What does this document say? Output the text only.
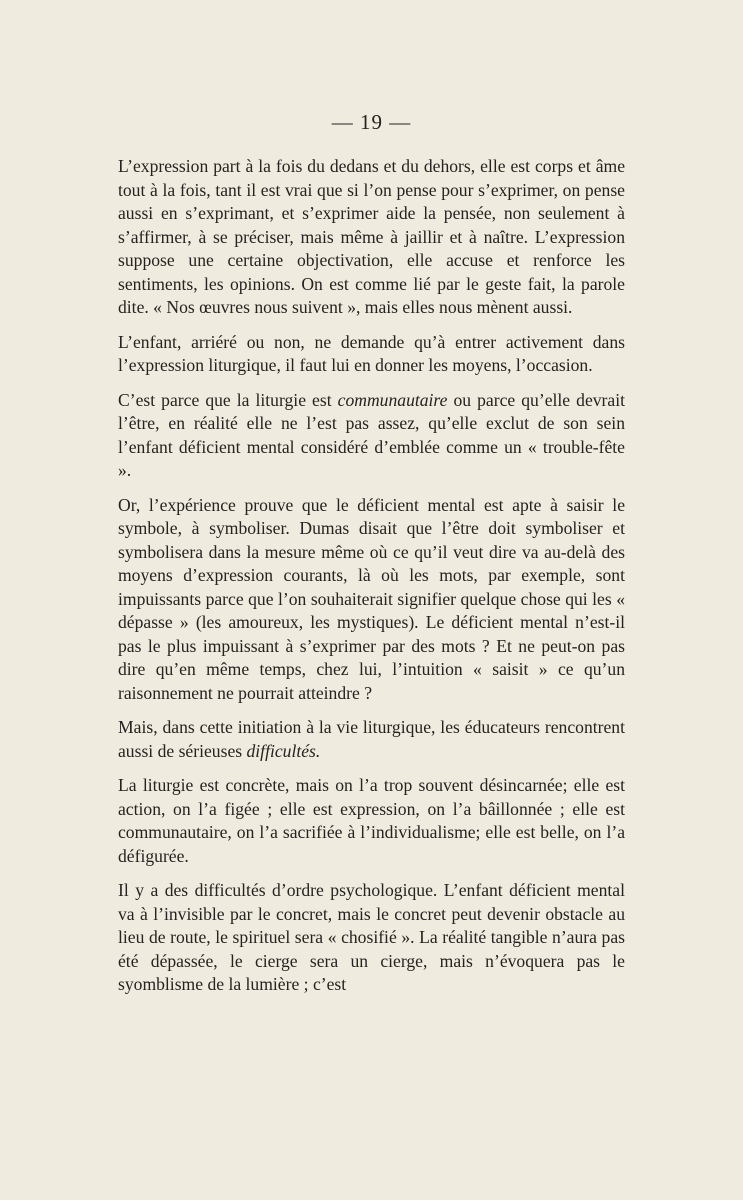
— 19 —

L’expression part à la fois du dedans et du dehors, elle est corps et âme tout à la fois, tant il est vrai que si l’on pense pour s’exprimer, on pense aussi en s’exprimant, et s’exprimer aide la pensée, non seulement à s’affirmer, à se préciser, mais même à jaillir et à naître. L’expression suppose une certaine objectivation, elle accuse et renforce les sentiments, les opinions. On est comme lié par le geste fait, la parole dite. « Nos œuvres nous suivent », mais elles nous mènent aussi.

L’enfant, arriéré ou non, ne demande qu’à entrer activement dans l’expression liturgique, il faut lui en donner les moyens, l’occasion.

C’est parce que la liturgie est communautaire ou parce qu’elle devrait l’être, en réalité elle ne l’est pas assez, qu’elle exclut de son sein l’enfant déficient mental considéré d’emblée comme un « trouble-fête ».

Or, l’expérience prouve que le déficient mental est apte à saisir le symbole, à symboliser. Dumas disait que l’être doit symboliser et symbolisera dans la mesure même où ce qu’il veut dire va au-delà des moyens d’expression courants, là où les mots, par exemple, sont impuissants parce que l’on souhaiterait signifier quelque chose qui les « dépasse » (les amoureux, les mystiques). Le déficient mental n’est-il pas le plus impuissant à s’exprimer par des mots ? Et ne peut-on pas dire qu’en même temps, chez lui, l’intuition « saisit » ce qu’un raisonnement ne pourrait atteindre ?

Mais, dans cette initiation à la vie liturgique, les éducateurs rencontrent aussi de sérieuses difficultés.

La liturgie est concrète, mais on l’a trop souvent désincarnée; elle est action, on l’a figée ; elle est expression, on l’a bâillonnée ; elle est communautaire, on l’a sacrifiée à l’individualisme; elle est belle, on l’a défigurée.

Il y a des difficultés d’ordre psychologique. L’enfant déficient mental va à l’invisible par le concret, mais le concret peut devenir obstacle au lieu de route, le spirituel sera « chosifié ». La réalité tangible n’aura pas été dépassée, le cierge sera un cierge, mais n’évoquera pas le syomblisme de la lumière ; c’est
